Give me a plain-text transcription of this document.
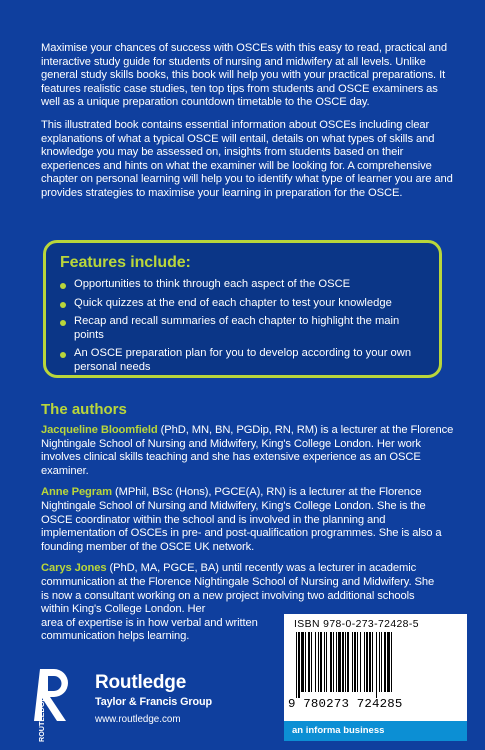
Maximise your chances of success with OSCEs with this easy to read, practical and interactive study guide for students of nursing and midwifery at all levels. Unlike general study skills books, this book will help you with your practical preparations. It features realistic case studies, ten top tips from students and OSCE examiners as well as a unique preparation countdown timetable to the OSCE day.

This illustrated book contains essential information about OSCEs including clear explanations of what a typical OSCE will entail, details on what types of skills and knowledge you may be assessed on, insights from students based on their experiences and hints on what the examiner will be looking for. A comprehensive chapter on personal learning will help you to identify what type of learner you are and provides strategies to maximise your learning in preparation for the OSCE.

Features include:
Opportunities to think through each aspect of the OSCE
Quick quizzes at the end of each chapter to test your knowledge
Recap and recall summaries of each chapter to highlight the main points
An OSCE preparation plan for you to develop according to your own personal needs
The authors

Jacqueline Bloomfield (PhD, MN, BN, PGDip, RN, RM) is a lecturer at the Florence Nightingale School of Nursing and Midwifery, King's College London. Her work involves clinical skills teaching and she has extensive experience as an OSCE examiner.

Anne Pegram (MPhil, BSc (Hons), PGCE(A), RN) is a lecturer at the Florence Nightingale School of Nursing and Midwifery, King's College London. She is the OSCE coordinator within the school and is involved in the planning and implementation of OSCEs in pre- and post-qualification programmes. She is also a founding member of the OSCE UK network.

Carys Jones (PhD, MA, PGCE, BA) until recently was a lecturer in academic communication at the Florence Nightingale School of Nursing and Midwifery. She is now a consultant working on a new project involving two additional schools within King's College London. Her
area of expertise is in how verbal and written communication helps learning.

ROUTLEDGE
Routledge
Taylor & Francis Group
www.routledge.com
ISBN 978-0-273-72428-5
9 780273 724285
an informa business
